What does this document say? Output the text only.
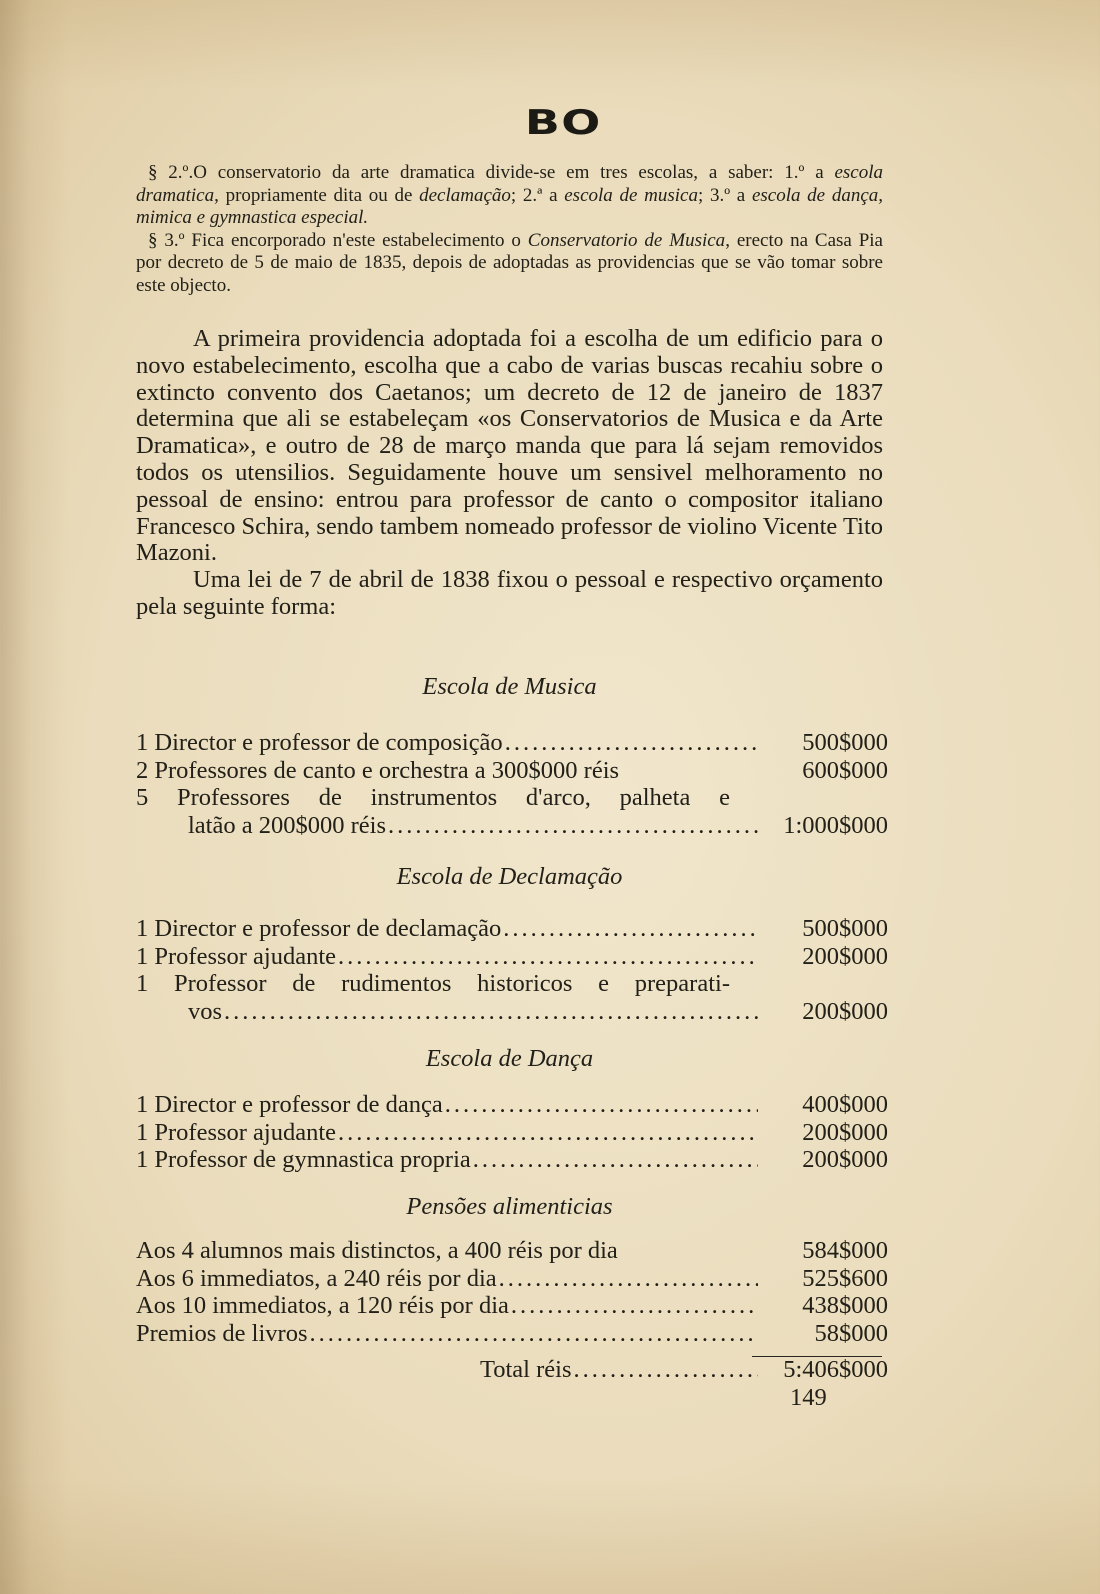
BO

§ 2.º.O conservatorio da arte dramatica divide-se em tres escolas, a saber: 1.º a escola dramatica, propriamente dita ou de declamação; 2.ª a escola de musica; 3.º a escola de dança, mimica e gymnastica especial.

§ 3.º Fica encorporado n'este estabelecimento o Conservatorio de Musica, erecto na Casa Pia por decreto de 5 de maio de 1835, depois de adoptadas as providencias que se vão tomar sobre este objecto.

A primeira providencia adoptada foi a escolha de um edificio para o novo estabelecimento, escolha que a cabo de varias buscas recahiu sobre o extincto convento dos Caetanos; um decreto de 12 de janeiro de 1837 determina que ali se estabeleçam «os Conservatorios de Musica e da Arte Dramatica», e outro de 28 de março manda que para lá sejam removidos todos os utensilios. Seguidamente houve um sensivel melhoramento no pessoal de ensino: entrou para professor de canto o compositor italiano Francesco Schira, sendo tambem nomeado professor de violino Vicente Tito Mazoni.

Uma lei de 7 de abril de 1838 fixou o pessoal e respectivo orçamento pela seguinte forma:

Escola de Musica
1 Director e professor de composição .....	500$000
2 Professores de canto e orchestra a 300$000 réis	600$000
5 Professores de instrumentos d'arco, palheta e
latão a 200$000 réis .....	1:000$000
Escola de Declamação
1 Director e professor de declamação .....	500$000
1 Professor ajudante .....	200$000
1 Professor de rudimentos historicos e preparati-
vos .....	200$000
Escola de Dança
1 Director e professor de dança .....	400$000
1 Professor ajudante .....	200$000
1 Professor de gymnastica propria .....	200$000
Pensões alimenticias
Aos 4 alumnos mais distinctos, a 400 réis por dia	584$000
Aos 6 immediatos, a 240 réis por dia .....	525$600
Aos 10 immediatos, a 120 réis por dia .....	438$000
Premios de livros .....	58$000
Total réis .....	5:406$000
149
